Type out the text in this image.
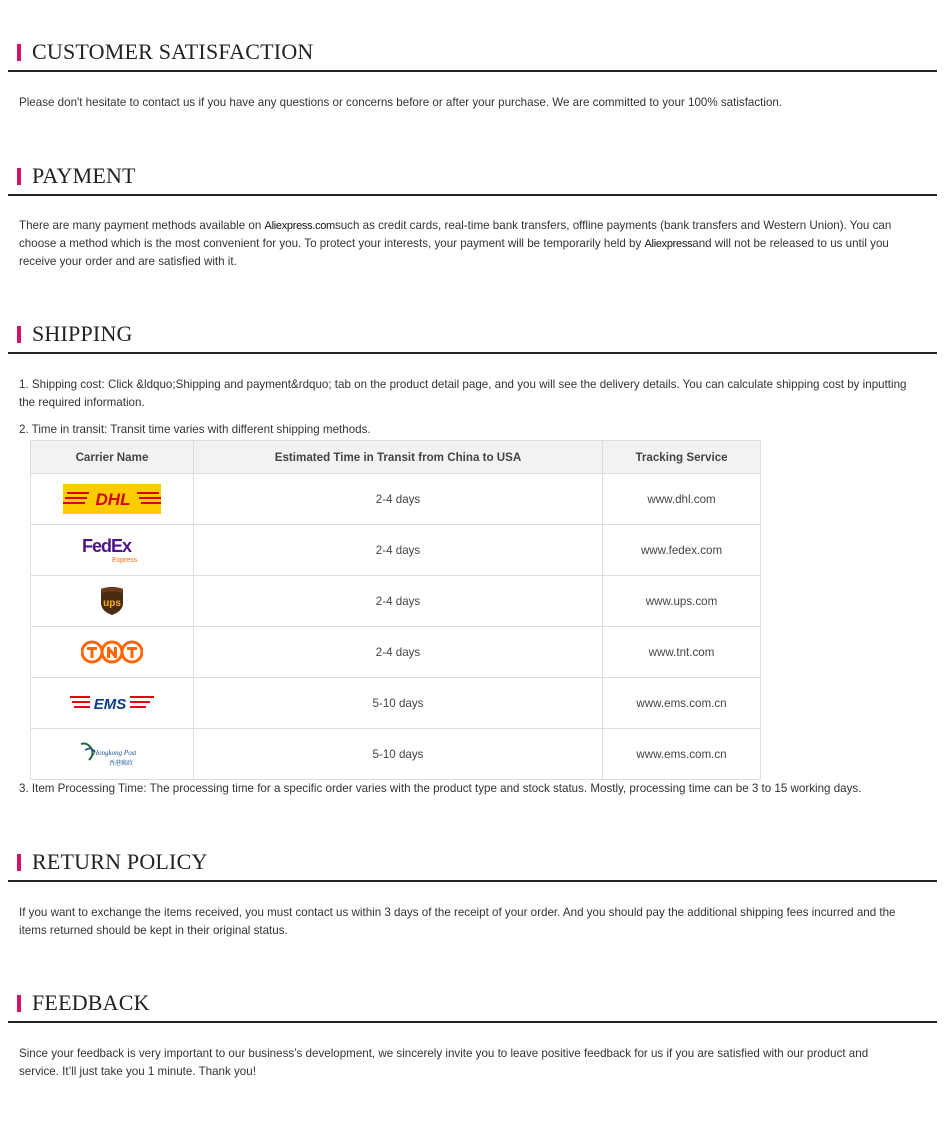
CUSTOMER SATISFACTION

Please don't hesitate to contact us if you have any questions or concerns before or after your purchase. We are committed to your 100% satisfaction.

PAYMENT

There are many payment methods available on Aliexpress.comsuch as credit cards, real-time bank transfers, offline payments (bank transfers and Western Union). You can choose a method which is the most convenient for you. To protect your interests, your payment will be temporarily held by Aliexpressand will not be released to us until you receive your order and are satisfied with it.

SHIPPING

1. Shipping cost: Click &ldquo;Shipping and payment&rdquo; tab on the product detail page, and you will see the delivery details. You can calculate shipping cost by inputting the required information.

2. Time in transit: Transit time varies with different shipping methods.

Carrier Name	Estimated Time in Transit from China to USA	Tracking Service

DHL	2-4 days	www.dhl.com

FedEx
Express	2-4 days	www.fedex.com

ups	2-4 days	www.ups.com

	2-4 days	www.tnt.com

EMS	5-10 days	www.ems.com.cn

Hongkong Post
香港郵政	5-10 days	www.ems.com.cn

3. Item Processing Time: The processing time for a specific order varies with the product type and stock status. Mostly, processing time can be 3 to 15 working days.

RETURN POLICY

If you want to exchange the items received, you must contact us within 3 days of the receipt of your order. And you should pay the additional shipping fees incurred and the items returned should be kept in their original status.

FEEDBACK

Since your feedback is very important to our business’s development, we sincerely invite you to leave positive feedback for us if you are satisfied with our product and service. It’ll just take you 1 minute. Thank you!
